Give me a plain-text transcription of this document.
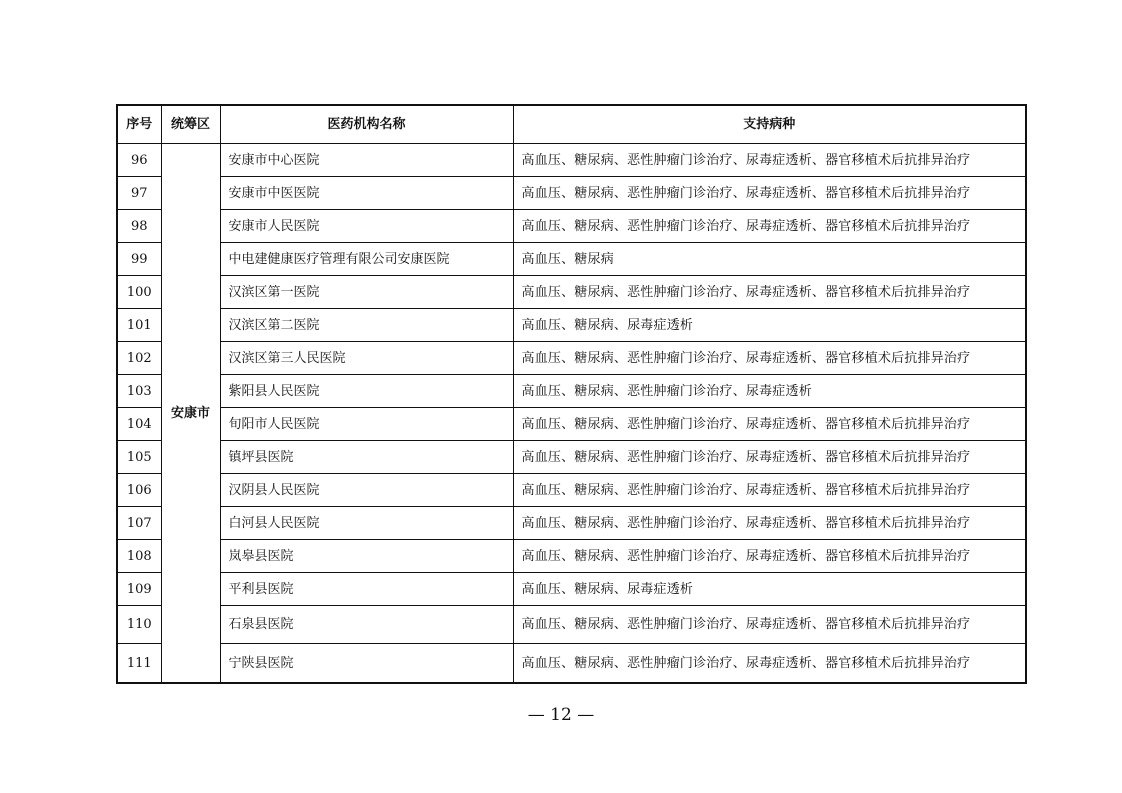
序号	统筹区	医药机构名称	支持病种
96	安康市	安康市中心医院	高血压、糖尿病、恶性肿瘤门诊治疗、尿毒症透析、器官移植术后抗排异治疗
97		安康市中医医院	高血压、糖尿病、恶性肿瘤门诊治疗、尿毒症透析、器官移植术后抗排异治疗
98		安康市人民医院	高血压、糖尿病、恶性肿瘤门诊治疗、尿毒症透析、器官移植术后抗排异治疗
99		中电建健康医疗管理有限公司安康医院	高血压、糖尿病
100		汉滨区第一医院	高血压、糖尿病、恶性肿瘤门诊治疗、尿毒症透析、器官移植术后抗排异治疗
101		汉滨区第二医院	高血压、糖尿病、尿毒症透析
102		汉滨区第三人民医院	高血压、糖尿病、恶性肿瘤门诊治疗、尿毒症透析、器官移植术后抗排异治疗
103		紫阳县人民医院	高血压、糖尿病、恶性肿瘤门诊治疗、尿毒症透析
104		旬阳市人民医院	高血压、糖尿病、恶性肿瘤门诊治疗、尿毒症透析、器官移植术后抗排异治疗
105		镇坪县医院	高血压、糖尿病、恶性肿瘤门诊治疗、尿毒症透析、器官移植术后抗排异治疗
106		汉阴县人民医院	高血压、糖尿病、恶性肿瘤门诊治疗、尿毒症透析、器官移植术后抗排异治疗
107		白河县人民医院	高血压、糖尿病、恶性肿瘤门诊治疗、尿毒症透析、器官移植术后抗排异治疗
108		岚皋县医院	高血压、糖尿病、恶性肿瘤门诊治疗、尿毒症透析、器官移植术后抗排异治疗
109		平利县医院	高血压、糖尿病、尿毒症透析
110		石泉县医院	高血压、糖尿病、恶性肿瘤门诊治疗、尿毒症透析、器官移植术后抗排异治疗
111		宁陕县医院	高血压、糖尿病、恶性肿瘤门诊治疗、尿毒症透析、器官移植术后抗排异治疗
— 12 —
